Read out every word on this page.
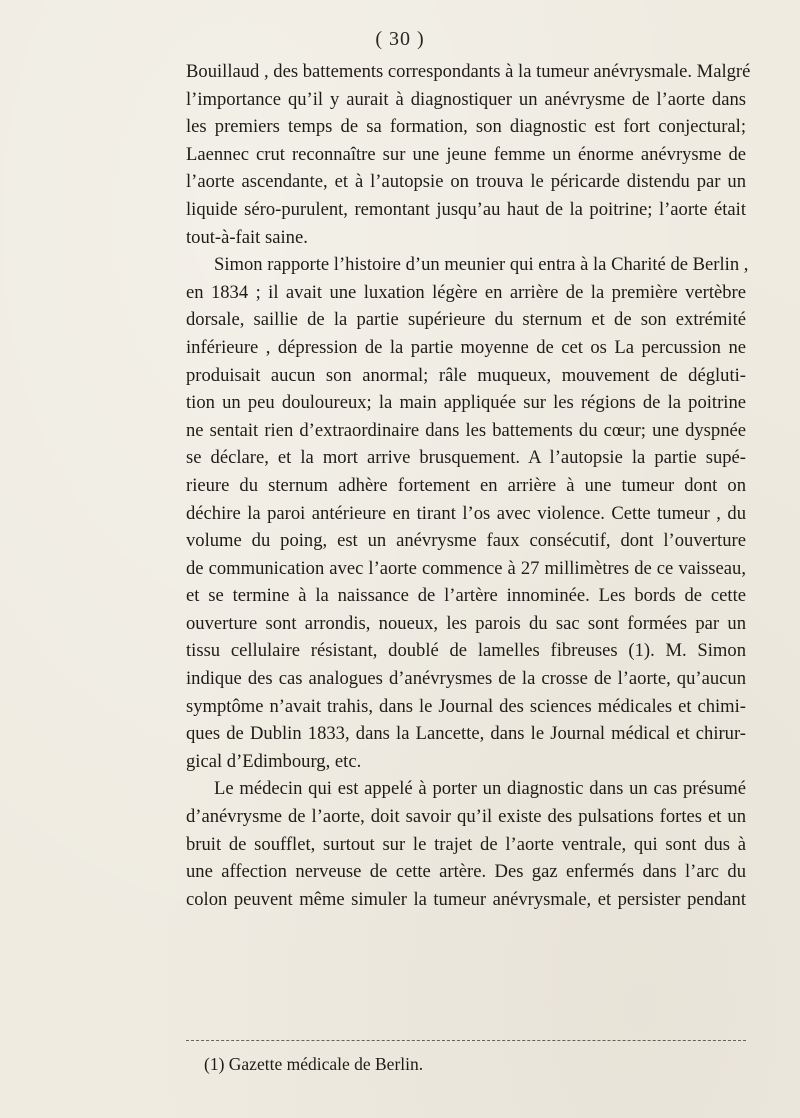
( 30 )
Bouillaud , des battements correspondants à la tumeur anévrysmale. Malgré
l’importance qu’il y aurait à diagnostiquer un anévrysme de l’aorte dans
les premiers temps de sa formation, son diagnostic est fort conjectural;
Laennec crut reconnaître sur une jeune femme un énorme anévrysme de
l’aorte ascendante, et à l’autopsie on trouva le péricarde distendu par un
liquide séro-purulent, remontant jusqu’au haut de la poitrine; l’aorte était
tout-à-fait saine.
Simon rapporte l’histoire d’un meunier qui entra à la Charité de Berlin ,
en 1834 ; il avait une luxation légère en arrière de la première vertèbre
dorsale, saillie de la partie supérieure du sternum et de son extrémité
inférieure , dépression de la partie moyenne de cet os La percussion ne
produisait aucun son anormal; râle muqueux, mouvement de dégluti-
tion un peu douloureux; la main appliquée sur les régions de la poitrine
ne sentait rien d’extraordinaire dans les battements du cœur; une dyspnée
se déclare, et la mort arrive brusquement. A l’autopsie la partie supé-
rieure du sternum adhère fortement en arrière à une tumeur dont on
déchire la paroi antérieure en tirant l’os avec violence. Cette tumeur , du
volume du poing, est un anévrysme faux consécutif, dont l’ouverture
de communication avec l’aorte commence à 27 millimètres de ce vaisseau,
et se termine à la naissance de l’artère innominée. Les bords de cette
ouverture sont arrondis, noueux, les parois du sac sont formées par un
tissu cellulaire résistant, doublé de lamelles fibreuses (1). M. Simon
indique des cas analogues d’anévrysmes de la crosse de l’aorte, qu’aucun
symptôme n’avait trahis, dans le Journal des sciences médicales et chimi-
ques de Dublin 1833, dans la Lancette, dans le Journal médical et chirur-
gical d’Edimbourg, etc.
Le médecin qui est appelé à porter un diagnostic dans un cas présumé
d’anévrysme de l’aorte, doit savoir qu’il existe des pulsations fortes et un
bruit de soufflet, surtout sur le trajet de l’aorte ventrale, qui sont dus à
une affection nerveuse de cette artère. Des gaz enfermés dans l’arc du
colon peuvent même simuler la tumeur anévrysmale, et persister pendant
(1) Gazette médicale de Berlin.
